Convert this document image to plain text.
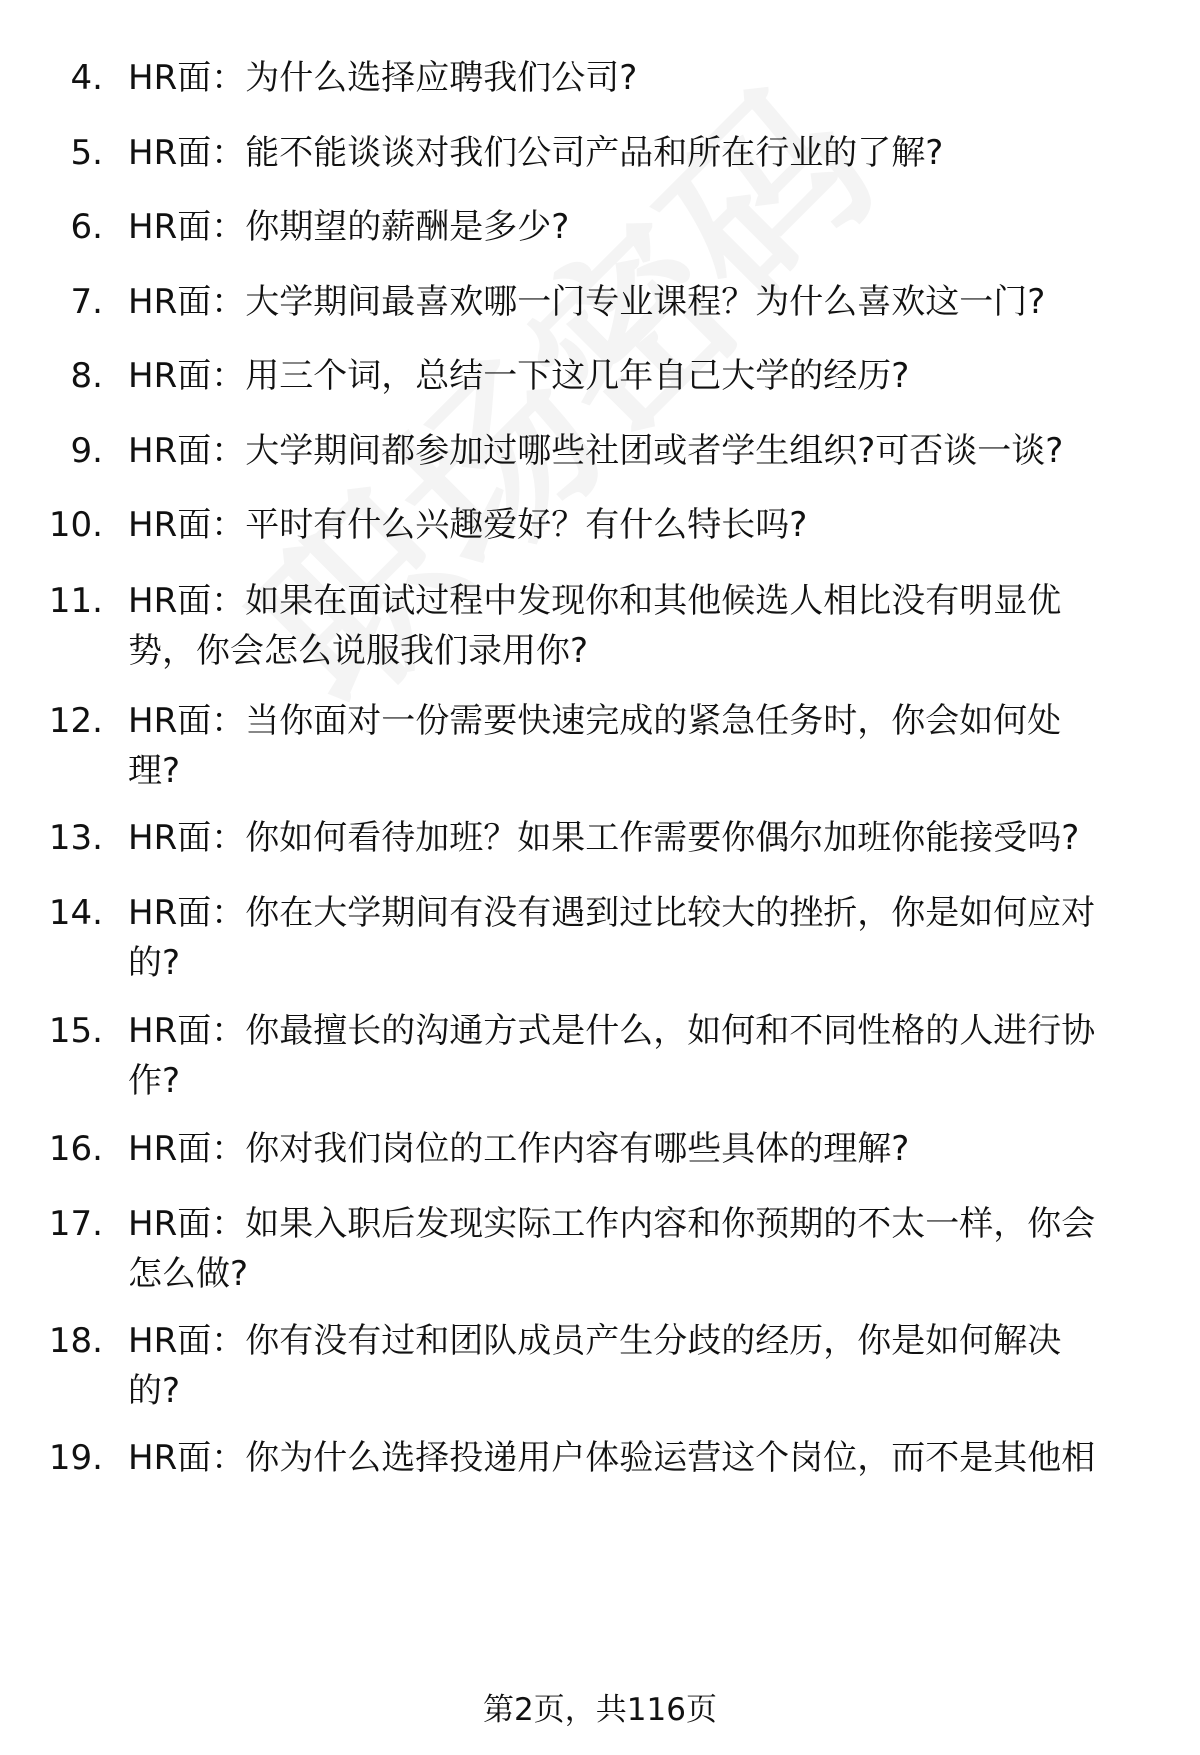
4. HR面：为什么选择应聘我们公司?
5. HR面：能不能谈谈对我们公司产品和所在行业的了解?
6. HR面：你期望的薪酬是多少?
7. HR面：大学期间最喜欢哪一门专业课程？为什么喜欢这一门?
8. HR面：用三个词，总结一下这几年自己大学的经历?
9. HR面：大学期间都参加过哪些社团或者学生组织?可否谈一谈?
10. HR面：平时有什么兴趣爱好？有什么特长吗?
11. HR面：如果在面试过程中发现你和其他候选人相比没有明显优
势，你会怎么说服我们录用你?
12. HR面：当你面对一份需要快速完成的紧急任务时，你会如何处
理?
13. HR面：你如何看待加班？如果工作需要你偶尔加班你能接受吗?
14. HR面：你在大学期间有没有遇到过比较大的挫折，你是如何应对
的?
15. HR面：你最擅长的沟通方式是什么，如何和不同性格的人进行协
作?
16. HR面：你对我们岗位的工作内容有哪些具体的理解?
17. HR面：如果入职后发现实际工作内容和你预期的不太一样，你会
怎么做?
18. HR面：你有没有过和团队成员产生分歧的经历，你是如何解决
的?
19. HR面：你为什么选择投递用户体验运营这个岗位，而不是其他相
第2页，共116页
